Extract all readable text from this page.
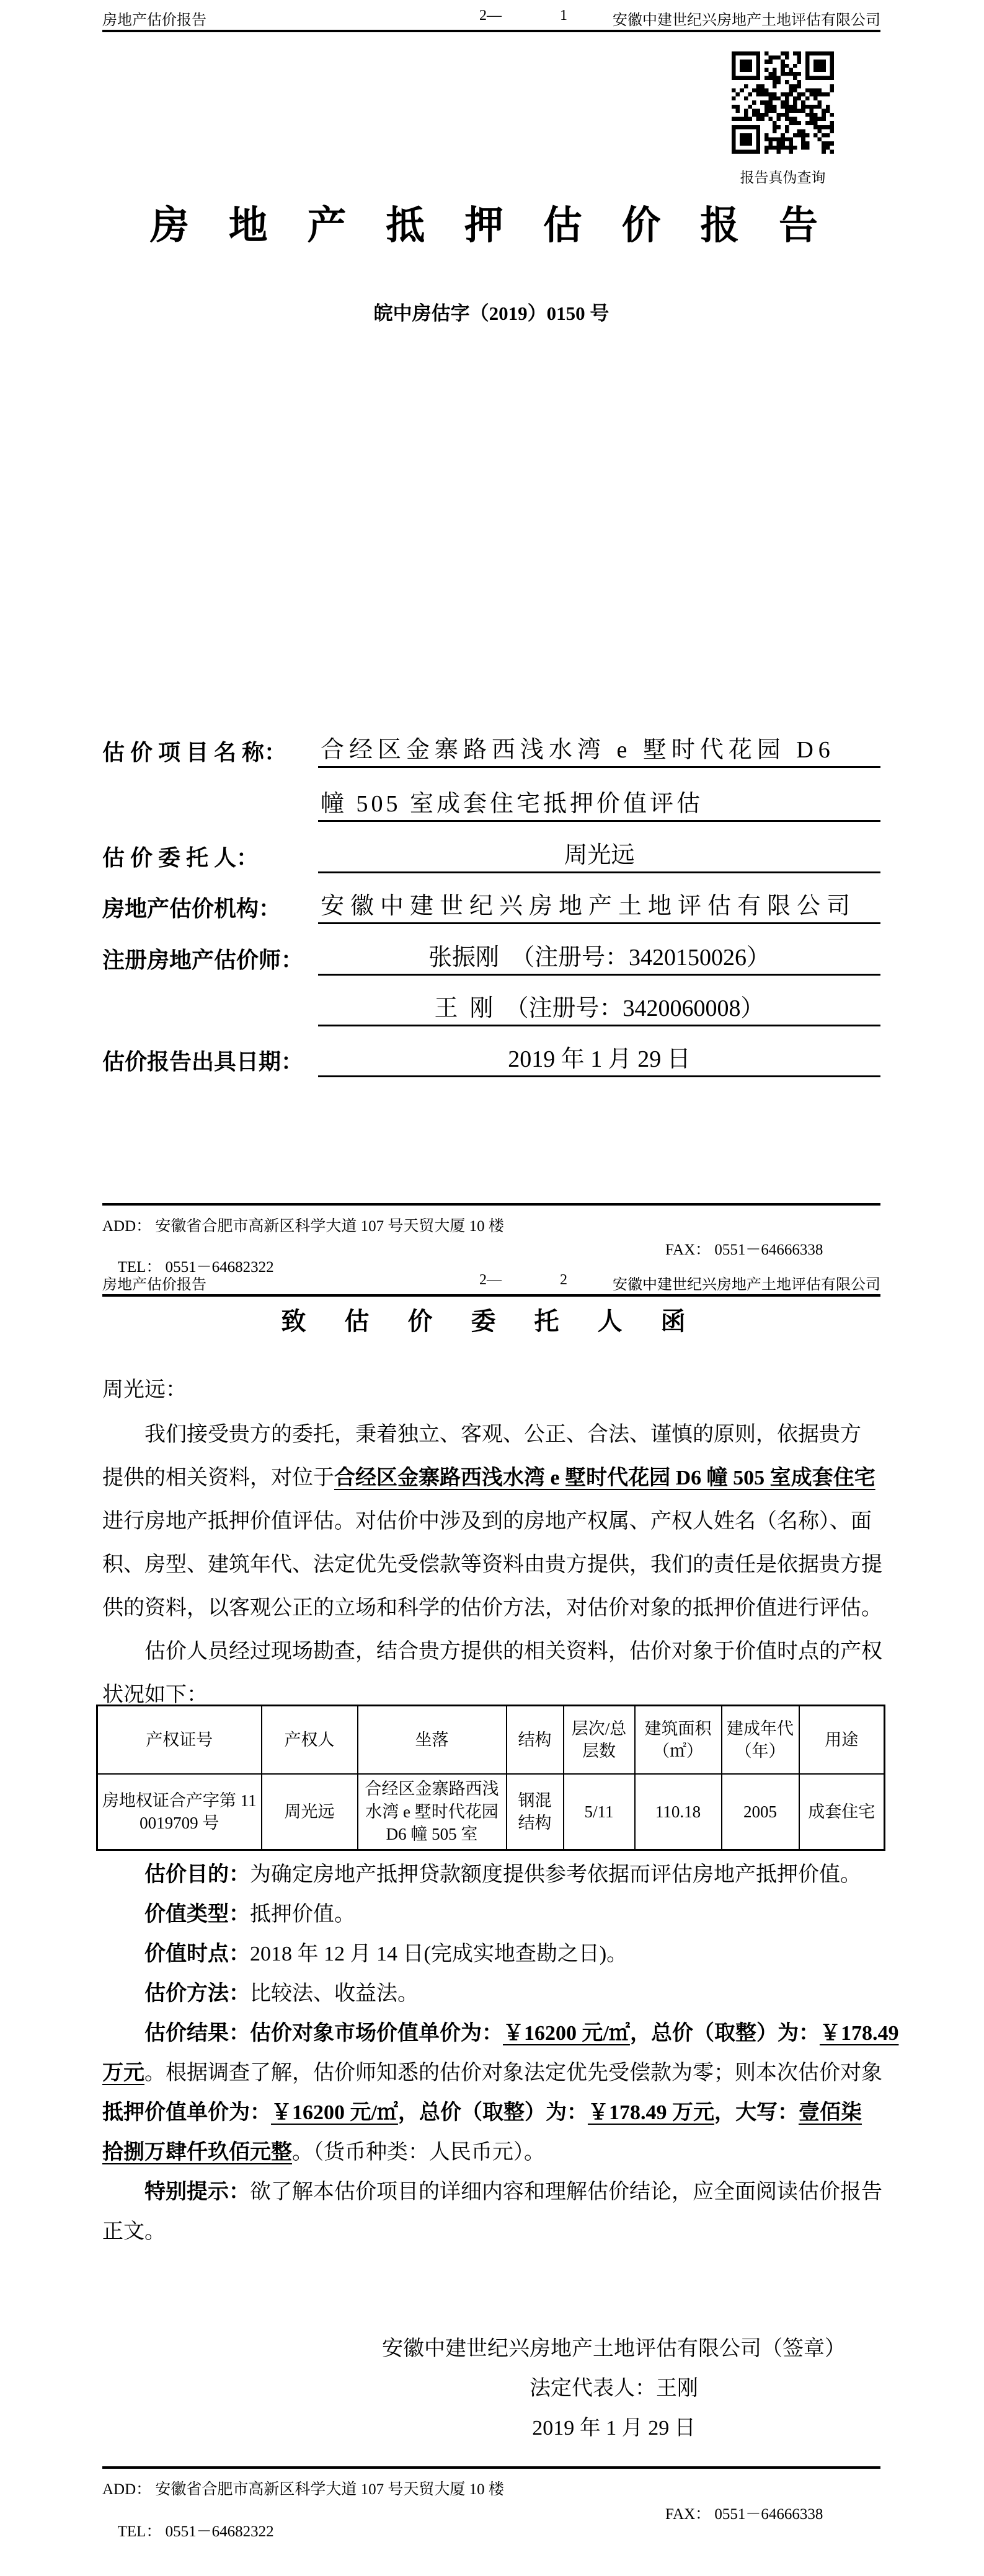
房地产估价报告	2—	1	安徽中建世纪兴房地产土地评估有限公司
报告真伪查询
房 地 产 抵 押 估 价 报 告
皖中房估字（2019）0150 号
估 价 项 目 名 称：	合经区金寨路西浅水湾 e 墅时代花园 D6
幢 505 室成套住宅抵押价值评估
估 价 委 托 人：	周光远
房地产估价机构：	安徽中建世纪兴房地产土地评估有限公司
注册房地产估价师：	张振刚  （注册号：3420150026）
王  刚  （注册号：3420060008）
估价报告出具日期：	2019 年 1 月 29 日
ADD： 安徽省合肥市高新区科学大道 107 号天贸大厦 10 楼

TEL： 0551－64682322

FAX： 0551－64666338

房地产估价报告	2—	2	安徽中建世纪兴房地产土地评估有限公司
致 估 价 委 托 人 函
周光远：
我们接受贵方的委托，秉着独立、客观、公正、合法、谨慎的原则，依据贵方
提供的相关资料，对位于合经区金寨路西浅水湾 e 墅时代花园 D6 幢 505 室成套住宅
进行房地产抵押价值评估。对估价中涉及到的房地产权属、产权人姓名（名称）、面
积、房型、建筑年代、法定优先受偿款等资料由贵方提供，我们的责任是依据贵方提
供的资料，以客观公正的立场和科学的估价方法，对估价对象的抵押价值进行评估。
估价人员经过现场勘查，结合贵方提供的相关资料，估价对象于价值时点的产权
状况如下：
产权证号	产权人	坐落	结构	层次/总层数	建筑面积（㎡）	建成年代（年）	用途
房地权证合产字第 110019709 号	周光远	合经区金寨路西浅水湾 e 墅时代花园 D6 幢 505 室	钢混结构	5/11	110.18	2005	成套住宅
估价目的：为确定房地产抵押贷款额度提供参考依据而评估房地产抵押价值。
价值类型：抵押价值。
价值时点：2018 年 12 月 14 日(完成实地查勘之日)。
估价方法：比较法、收益法。
估价结果：估价对象市场价值单价为：￥16200 元/㎡，总价（取整）为：￥178.49
万元。根据调查了解，估价师知悉的估价对象法定优先受偿款为零；则本次估价对象
抵押价值单价为：￥16200 元/㎡，总价（取整）为：￥178.49 万元，大写：壹佰柒
拾捌万肆仟玖佰元整。（货币种类：人民币元）。
特别提示：欲了解本估价项目的详细内容和理解估价结论，应全面阅读估价报告
正文。
安徽中建世纪兴房地产土地评估有限公司（签章）
法定代表人：王刚
2019 年 1 月 29 日
ADD： 安徽省合肥市高新区科学大道 107 号天贸大厦 10 楼

TEL： 0551－64682322

FAX： 0551－64666338
